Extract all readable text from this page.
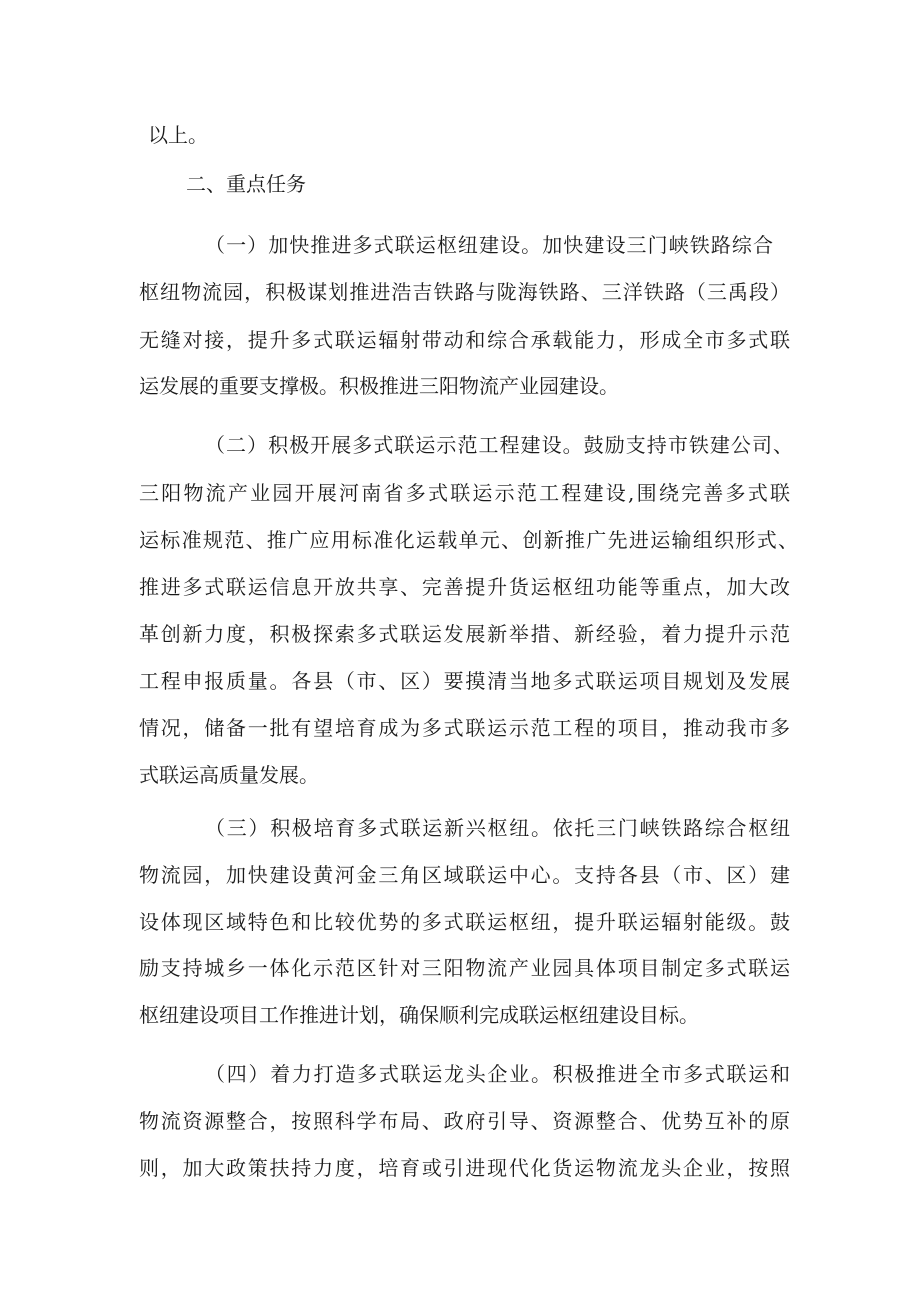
以上。
二、重点任务
（一）加快推进多式联运枢纽建设。加快建设三门峡铁路综合
枢纽物流园，积极谋划推进浩吉铁路与陇海铁路、三洋铁路（三禹段）
无缝对接，提升多式联运辐射带动和综合承载能力，形成全市多式联
运发展的重要支撑极。积极推进三阳物流产业园建设。
（二）积极开展多式联运示范工程建设。鼓励支持市铁建公司、
三阳物流产业园开展河南省多式联运示范工程建设,围绕完善多式联
运标准规范、推广应用标准化运载单元、创新推广先进运输组织形式、
推进多式联运信息开放共享、完善提升货运枢纽功能等重点，加大改
革创新力度，积极探索多式联运发展新举措、新经验，着力提升示范
工程申报质量。各县（市、区）要摸清当地多式联运项目规划及发展
情况，储备一批有望培育成为多式联运示范工程的项目，推动我市多
式联运高质量发展。
（三）积极培育多式联运新兴枢纽。依托三门峡铁路综合枢纽
物流园，加快建设黄河金三角区域联运中心。支持各县（市、区）建
设体现区域特色和比较优势的多式联运枢纽，提升联运辐射能级。鼓
励支持城乡一体化示范区针对三阳物流产业园具体项目制定多式联运
枢纽建设项目工作推进计划，确保顺利完成联运枢纽建设目标。
（四）着力打造多式联运龙头企业。积极推进全市多式联运和
物流资源整合，按照科学布局、政府引导、资源整合、优势互补的原
则，加大政策扶持力度，培育或引进现代化货运物流龙头企业，按照
